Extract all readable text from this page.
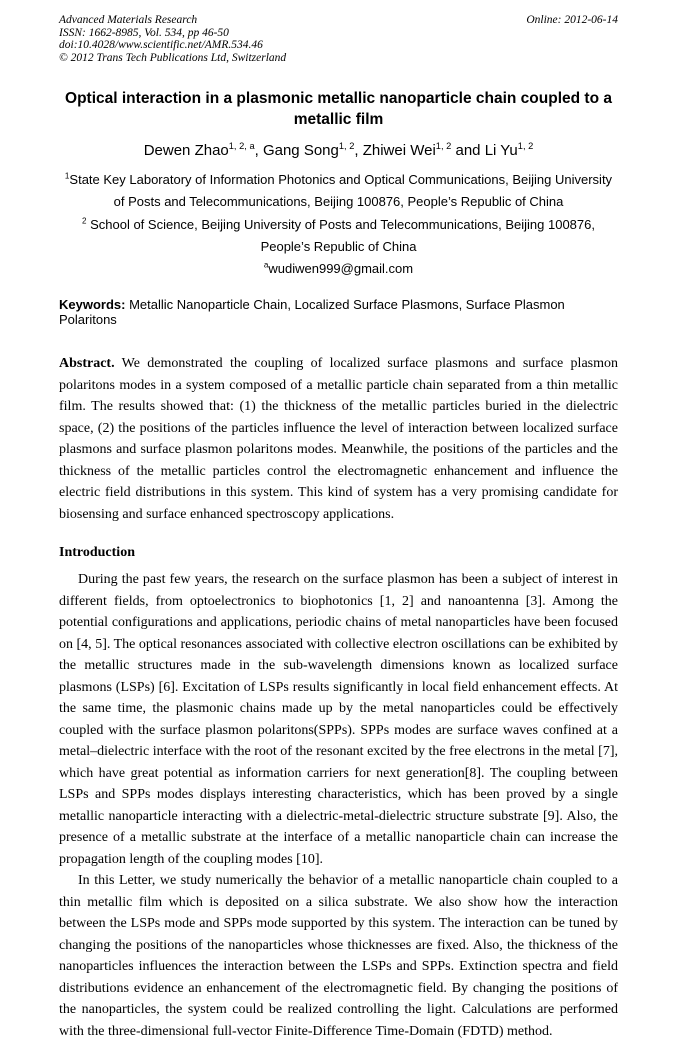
Advanced Materials Research	Online: 2012-06-14
ISSN: 1662-8985, Vol. 534, pp 46-50
doi:10.4028/www.scientific.net/AMR.534.46
© 2012 Trans Tech Publications Ltd, Switzerland
Optical interaction in a plasmonic metallic nanoparticle chain coupled to a metallic film
Dewen Zhao$^{1, 2, a}$, Gang Song$^{1, 2}$, Zhiwei Wei$^{1, 2}$ and Li Yu$^{1, 2}$
$^1$State Key Laboratory of Information Photonics and Optical Communications, Beijing University of Posts and Telecommunications, Beijing 100876, People’s Republic of China
$^2$ School of Science, Beijing University of Posts and Telecommunications, Beijing 100876, People’s Republic of China
$^a$wudiwen999@gmail.com
Keywords: Metallic Nanoparticle Chain, Localized Surface Plasmons, Surface Plasmon Polaritons

Abstract. We demonstrated the coupling of localized surface plasmons and surface plasmon polaritons modes in a system composed of a metallic particle chain separated from a thin metallic film. The results showed that: (1) the thickness of the metallic particles buried in the dielectric space, (2) the positions of the particles influence the level of interaction between localized surface plasmons and surface plasmon polaritons modes. Meanwhile, the positions of the particles and the thickness of the metallic particles control the electromagnetic enhancement and influence the electric field distributions in this system. This kind of system has a very promising candidate for biosensing and surface enhanced spectroscopy applications.

Introduction

During the past few years, the research on the surface plasmon has been a subject of interest in different fields, from optoelectronics to biophotonics [1, 2] and nanoantenna [3]. Among the potential configurations and applications, periodic chains of metal nanoparticles have been focused on [4, 5]. The optical resonances associated with collective electron oscillations can be exhibited by the metallic structures made in the sub-wavelength dimensions known as localized surface plasmons (LSPs) [6]. Excitation of LSPs results significantly in local field enhancement effects. At the same time, the plasmonic chains made up by the metal nanoparticles could be effectively coupled with the surface plasmon polaritons(SPPs). SPPs modes are surface waves confined at a metal–dielectric interface with the root of the resonant excited by the free electrons in the metal [7], which have great potential as information carriers for next generation[8]. The coupling between LSPs and SPPs modes displays interesting characteristics, which has been proved by a single metallic nanoparticle interacting with a dielectric-metal-dielectric structure substrate [9]. Also, the presence of a metallic substrate at the interface of a metallic nanoparticle chain can increase the propagation length of the coupling modes [10].

In this Letter, we study numerically the behavior of a metallic nanoparticle chain coupled to a thin metallic film which is deposited on a silica substrate. We also show how the interaction between the LSPs mode and SPPs mode supported by this system. The interaction can be tuned by changing the positions of the nanoparticles whose thicknesses are fixed. Also, the thickness of the nanoparticles influences the interaction between the LSPs and SPPs. Extinction spectra and field distributions evidence an enhancement of the electromagnetic field. By changing the positions of the nanoparticles, the system could be realized controlling the light. Calculations are performed with the three-dimensional full-vector Finite-Difference Time-Domain (FDTD) method.
